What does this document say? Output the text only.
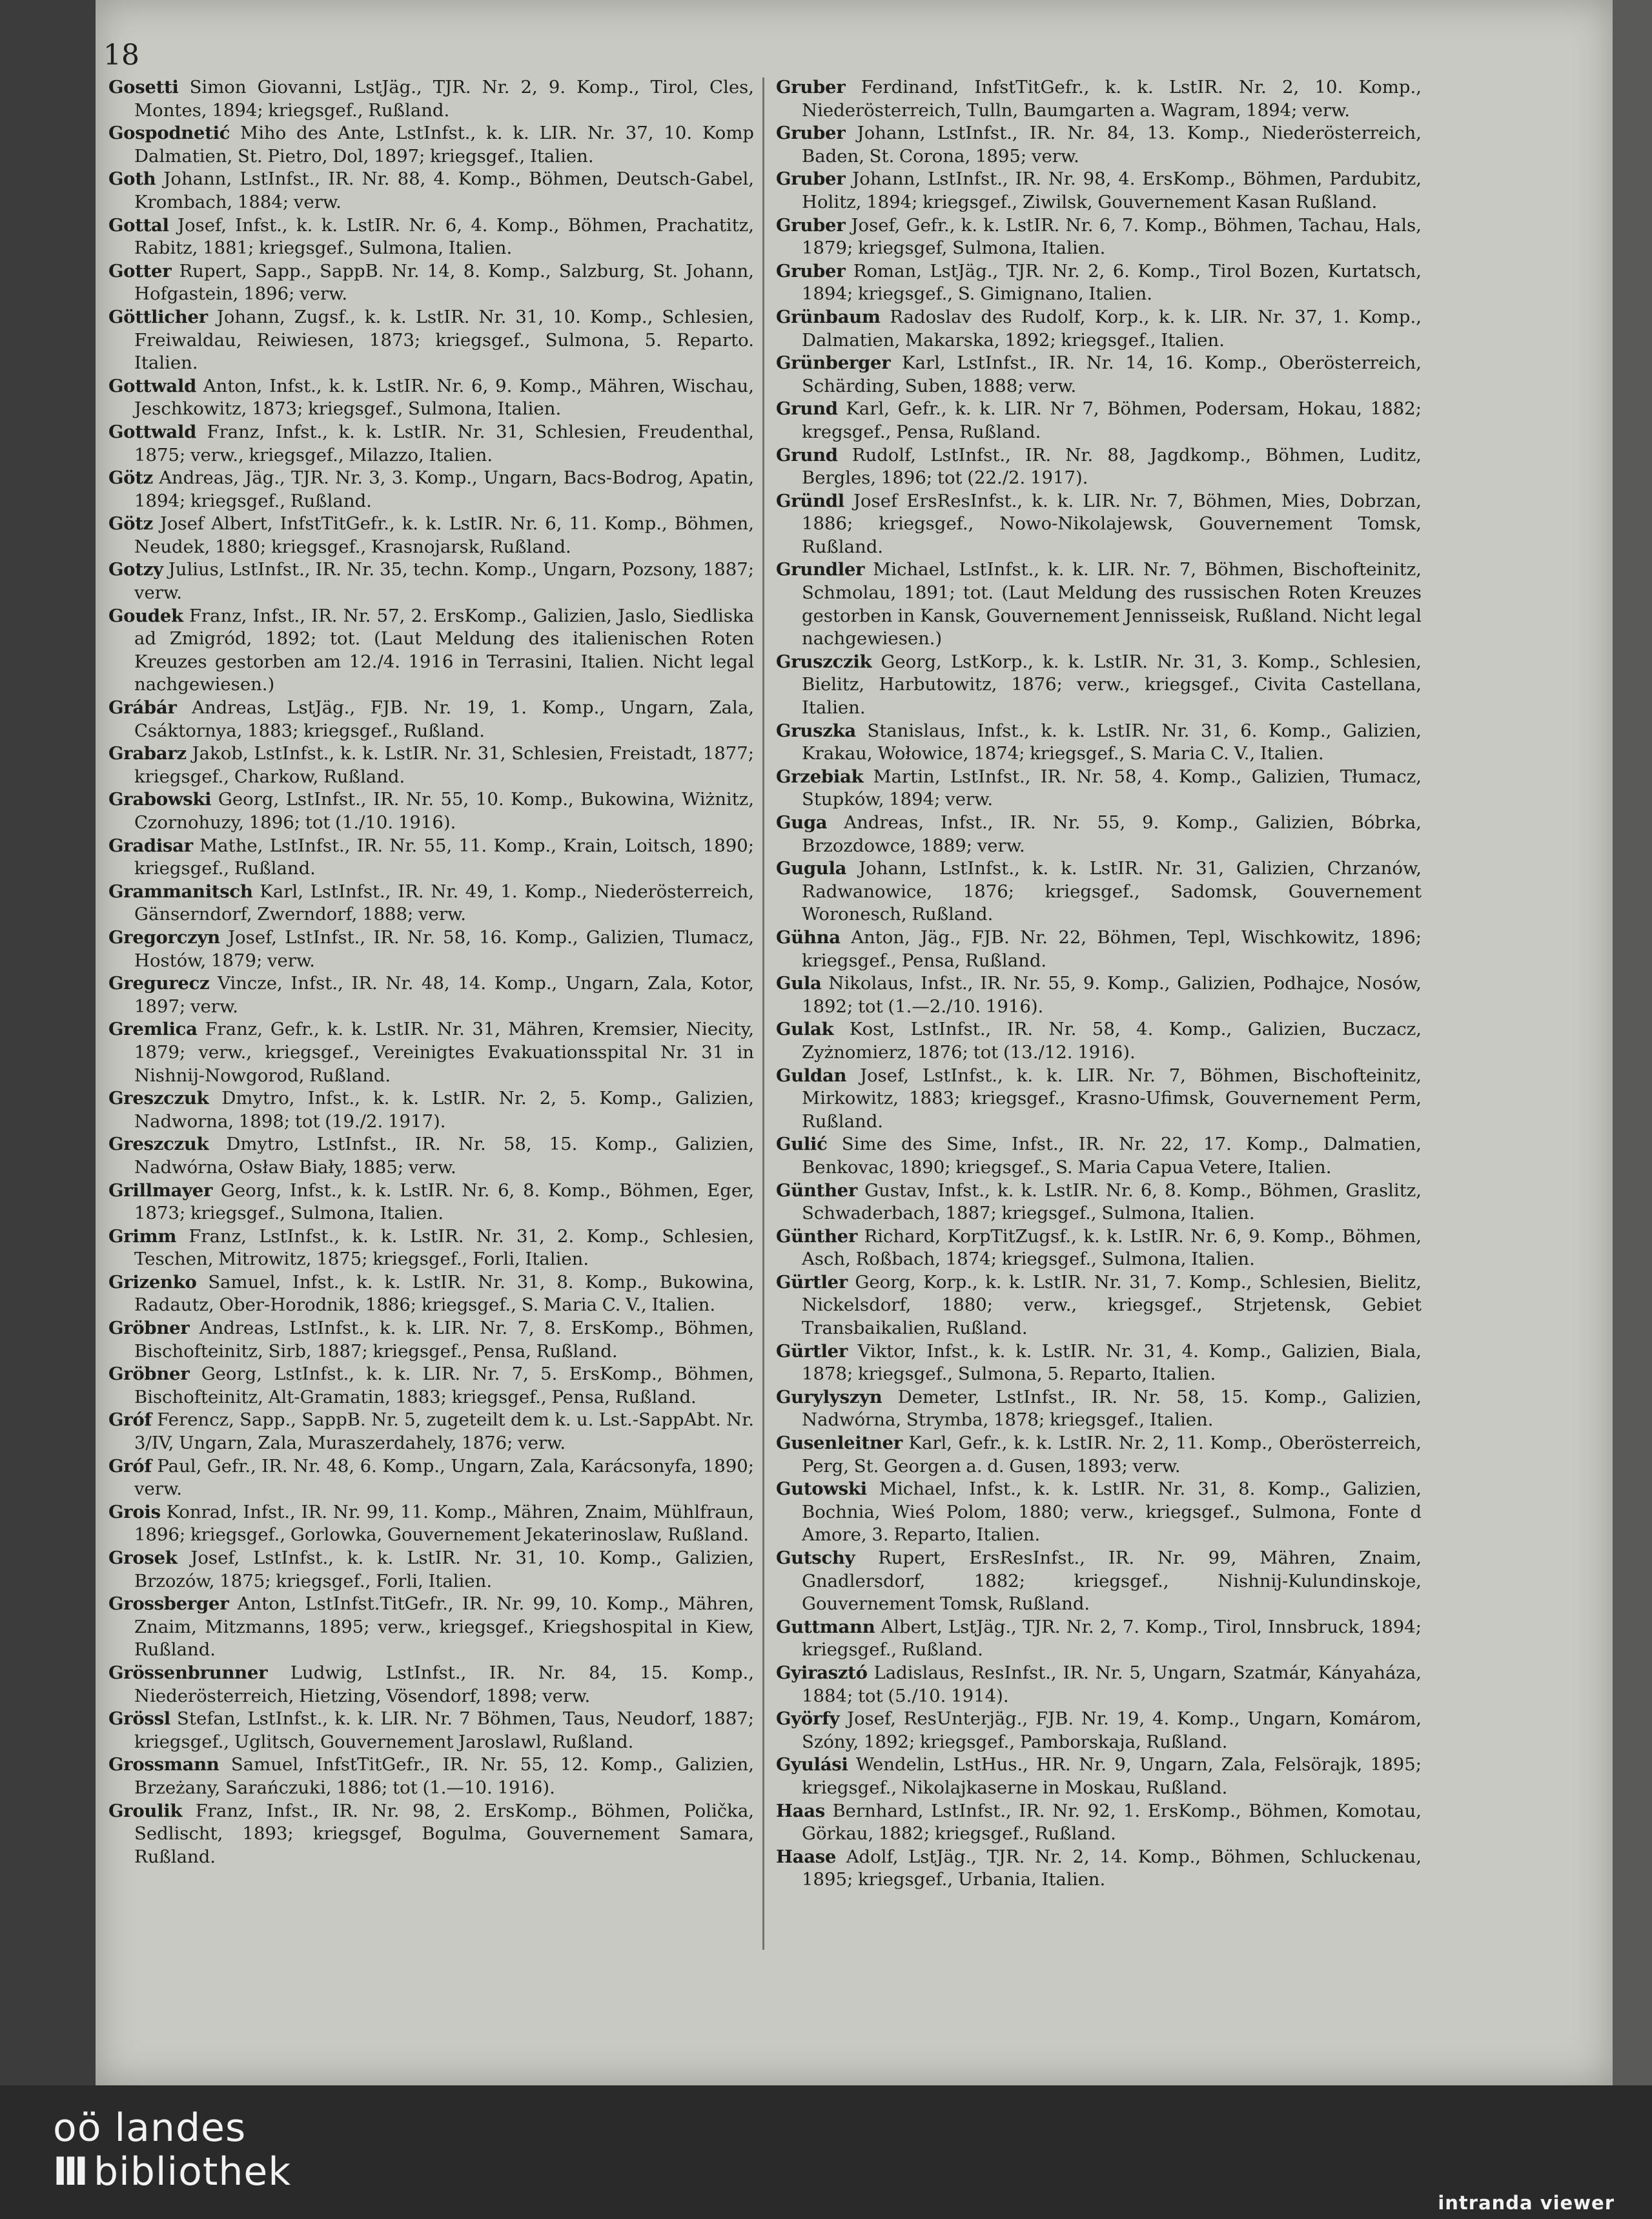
18

Gosetti Simon Giovanni, LstJäg., TJR. Nr. 2, 9. Komp., Tirol, Cles, Montes, 1894; kriegsgef., Rußland.

Gospodnetić Miho des Ante, LstInfst., k. k. LIR. Nr. 37, 10. Komp Dalmatien, St. Pietro, Dol, 1897; kriegsgef., Italien.

Goth Johann, LstInfst., IR. Nr. 88, 4. Komp., Böhmen, Deutsch-Gabel, Krombach, 1884; verw.

Gottal Josef, Infst., k. k. LstIR. Nr. 6, 4. Komp., Böhmen, Prachatitz, Rabitz, 1881; kriegsgef., Sulmona, Italien.

Gotter Rupert, Sapp., SappB. Nr. 14, 8. Komp., Salzburg, St. Johann, Hofgastein, 1896; verw.

Göttlicher Johann, Zugsf., k. k. LstIR. Nr. 31, 10. Komp., Schlesien, Freiwaldau, Reiwiesen, 1873; kriegsgef., Sulmona, 5. Reparto. Italien.

Gottwald Anton, Infst., k. k. LstIR. Nr. 6, 9. Komp., Mähren, Wischau, Jeschkowitz, 1873; kriegsgef., Sulmona, Italien.

Gottwald Franz, Infst., k. k. LstIR. Nr. 31, Schlesien, Freudenthal, 1875; verw., kriegsgef., Milazzo, Italien.

Götz Andreas, Jäg., TJR. Nr. 3, 3. Komp., Ungarn, Bacs-Bodrog, Apatin, 1894; kriegsgef., Rußland.

Götz Josef Albert, InfstTitGefr., k. k. LstIR. Nr. 6, 11. Komp., Böhmen, Neudek, 1880; kriegsgef., Krasnojarsk, Rußland.

Gotzy Julius, LstInfst., IR. Nr. 35, techn. Komp., Ungarn, Pozsony, 1887; verw.

Goudek Franz, Infst., IR. Nr. 57, 2. ErsKomp., Galizien, Jaslo, Siedliska ad Zmigród, 1892; tot. (Laut Meldung des italienischen Roten Kreuzes gestorben am 12./4. 1916 in Terrasini, Italien. Nicht legal nachgewiesen.)

Grábár Andreas, LstJäg., FJB. Nr. 19, 1. Komp., Ungarn, Zala, Csáktornya, 1883; kriegsgef., Rußland.

Grabarz Jakob, LstInfst., k. k. LstIR. Nr. 31, Schlesien, Freistadt, 1877; kriegsgef., Charkow, Rußland.

Grabowski Georg, LstInfst., IR. Nr. 55, 10. Komp., Bukowina, Wiżnitz, Czornohuzy, 1896; tot (1./10. 1916).

Gradisar Mathe, LstInfst., IR. Nr. 55, 11. Komp., Krain, Loitsch, 1890; kriegsgef., Rußland.

Grammanitsch Karl, LstInfst., IR. Nr. 49, 1. Komp., Niederösterreich, Gänserndorf, Zwerndorf, 1888; verw.

Gregorczyn Josef, LstInfst., IR. Nr. 58, 16. Komp., Galizien, Tlumacz, Hostów, 1879; verw.

Gregurecz Vincze, Infst., IR. Nr. 48, 14. Komp., Ungarn, Zala, Kotor, 1897; verw.

Gremlica Franz, Gefr., k. k. LstIR. Nr. 31, Mähren, Kremsier, Niecity, 1879; verw., kriegsgef., Vereinigtes Evakuationsspital Nr. 31 in Nishnij-Nowgorod, Rußland.

Greszczuk Dmytro, Infst., k. k. LstIR. Nr. 2, 5. Komp., Galizien, Nadworna, 1898; tot (19./2. 1917).

Greszczuk Dmytro, LstInfst., IR. Nr. 58, 15. Komp., Galizien, Nadwórna, Osław Biały, 1885; verw.

Grillmayer Georg, Infst., k. k. LstIR. Nr. 6, 8. Komp., Böhmen, Eger, 1873; kriegsgef., Sulmona, Italien.

Grimm Franz, LstInfst., k. k. LstIR. Nr. 31, 2. Komp., Schlesien, Teschen, Mitrowitz, 1875; kriegsgef., Forli, Italien.

Grizenko Samuel, Infst., k. k. LstIR. Nr. 31, 8. Komp., Bukowina, Radautz, Ober-Horodnik, 1886; kriegsgef., S. Maria C. V., Italien.

Gröbner Andreas, LstInfst., k. k. LIR. Nr. 7, 8. ErsKomp., Böhmen, Bischofteinitz, Sirb, 1887; kriegsgef., Pensa, Rußland.

Gröbner Georg, LstInfst., k. k. LIR. Nr. 7, 5. ErsKomp., Böhmen, Bischofteinitz, Alt-Gramatin, 1883; kriegsgef., Pensa, Rußland.

Gróf Ferencz, Sapp., SappB. Nr. 5, zugeteilt dem k. u. Lst.-SappAbt. Nr. 3/IV, Ungarn, Zala, Muraszerdahely, 1876; verw.

Gróf Paul, Gefr., IR. Nr. 48, 6. Komp., Ungarn, Zala, Karácsonyfa, 1890; verw.

Grois Konrad, Infst., IR. Nr. 99, 11. Komp., Mähren, Znaim, Mühlfraun, 1896; kriegsgef., Gorlowka, Gouvernement Jekaterinoslaw, Rußland.

Grosek Josef, LstInfst., k. k. LstIR. Nr. 31, 10. Komp., Galizien, Brzozów, 1875; kriegsgef., Forli, Italien.

Grossberger Anton, LstInfst.TitGefr., IR. Nr. 99, 10. Komp., Mähren, Znaim, Mitzmanns, 1895; verw., kriegsgef., Kriegshospital in Kiew, Rußland.

Grössenbrunner Ludwig, LstInfst., IR. Nr. 84, 15. Komp., Niederösterreich, Hietzing, Vösendorf, 1898; verw.

Grössl Stefan, LstInfst., k. k. LIR. Nr. 7 Böhmen, Taus, Neudorf, 1887; kriegsgef., Uglitsch, Gouvernement Jaroslawl, Rußland.

Grossmann Samuel, InfstTitGefr., IR. Nr. 55, 12. Komp., Galizien, Brzeżany, Sarańczuki, 1886; tot (1.—10. 1916).

Groulik Franz, Infst., IR. Nr. 98, 2. ErsKomp., Böhmen, Polička, Sedlischt, 1893; kriegsgef, Bogulma, Gouvernement Samara, Rußland.

Gruber Ferdinand, InfstTitGefr., k. k. LstIR. Nr. 2, 10. Komp., Niederösterreich, Tulln, Baumgarten a. Wagram, 1894; verw.

Gruber Johann, LstInfst., IR. Nr. 84, 13. Komp., Niederösterreich, Baden, St. Corona, 1895; verw.

Gruber Johann, LstInfst., IR. Nr. 98, 4. ErsKomp., Böhmen, Pardubitz, Holitz, 1894; kriegsgef., Ziwilsk, Gouvernement Kasan Rußland.

Gruber Josef, Gefr., k. k. LstIR. Nr. 6, 7. Komp., Böhmen, Tachau, Hals, 1879; kriegsgef, Sulmona, Italien.

Gruber Roman, LstJäg., TJR. Nr. 2, 6. Komp., Tirol Bozen, Kurtatsch, 1894; kriegsgef., S. Gimignano, Italien.

Grünbaum Radoslav des Rudolf, Korp., k. k. LIR. Nr. 37, 1. Komp., Dalmatien, Makarska, 1892; kriegsgef., Italien.

Grünberger Karl, LstInfst., IR. Nr. 14, 16. Komp., Oberösterreich, Schärding, Suben, 1888; verw.

Grund Karl, Gefr., k. k. LIR. Nr 7, Böhmen, Podersam, Hokau, 1882; kregsgef., Pensa, Rußland.

Grund Rudolf, LstInfst., IR. Nr. 88, Jagdkomp., Böhmen, Luditz, Bergles, 1896; tot (22./2. 1917).

Gründl Josef ErsResInfst., k. k. LIR. Nr. 7, Böhmen, Mies, Dobrzan, 1886; kriegsgef., Nowo-Nikolajewsk, Gouvernement Tomsk, Rußland.

Grundler Michael, LstInfst., k. k. LIR. Nr. 7, Böhmen, Bischofteinitz, Schmolau, 1891; tot. (Laut Meldung des russischen Roten Kreuzes gestorben in Kansk, Gouvernement Jennisseisk, Rußland. Nicht legal nachgewiesen.)

Gruszczik Georg, LstKorp., k. k. LstIR. Nr. 31, 3. Komp., Schlesien, Bielitz, Harbutowitz, 1876; verw., kriegsgef., Civita Castellana, Italien.

Gruszka Stanislaus, Infst., k. k. LstIR. Nr. 31, 6. Komp., Galizien, Krakau, Wołowice, 1874; kriegsgef., S. Maria C. V., Italien.

Grzebiak Martin, LstInfst., IR. Nr. 58, 4. Komp., Galizien, Tłumacz, Stupków, 1894; verw.

Guga Andreas, Infst., IR. Nr. 55, 9. Komp., Galizien, Bóbrka, Brzozdowce, 1889; verw.

Gugula Johann, LstInfst., k. k. LstIR. Nr. 31, Galizien, Chrzanów, Radwanowice, 1876; kriegsgef., Sadomsk, Gouvernement Woronesch, Rußland.

Gühna Anton, Jäg., FJB. Nr. 22, Böhmen, Tepl, Wischkowitz, 1896; kriegsgef., Pensa, Rußland.

Gula Nikolaus, Infst., IR. Nr. 55, 9. Komp., Galizien, Podhajce, Nosów, 1892; tot (1.—2./10. 1916).

Gulak Kost, LstInfst., IR. Nr. 58, 4. Komp., Galizien, Buczacz, Zyżnomierz, 1876; tot (13./12. 1916).

Guldan Josef, LstInfst., k. k. LIR. Nr. 7, Böhmen, Bischofteinitz, Mirkowitz, 1883; kriegsgef., Krasno-Ufimsk, Gouvernement Perm, Rußland.

Gulić Sime des Sime, Infst., IR. Nr. 22, 17. Komp., Dalmatien, Benkovac, 1890; kriegsgef., S. Maria Capua Vetere, Italien.

Günther Gustav, Infst., k. k. LstIR. Nr. 6, 8. Komp., Böhmen, Graslitz, Schwaderbach, 1887; kriegsgef., Sulmona, Italien.

Günther Richard, KorpTitZugsf., k. k. LstIR. Nr. 6, 9. Komp., Böhmen, Asch, Roßbach, 1874; kriegsgef., Sulmona, Italien.

Gürtler Georg, Korp., k. k. LstIR. Nr. 31, 7. Komp., Schlesien, Bielitz, Nickelsdorf, 1880; verw., kriegsgef., Strjetensk, Gebiet Transbaikalien, Rußland.

Gürtler Viktor, Infst., k. k. LstIR. Nr. 31, 4. Komp., Galizien, Biala, 1878; kriegsgef., Sulmona, 5. Reparto, Italien.

Gurylyszyn Demeter, LstInfst., IR. Nr. 58, 15. Komp., Galizien, Nadwórna, Strymba, 1878; kriegsgef., Italien.

Gusenleitner Karl, Gefr., k. k. LstIR. Nr. 2, 11. Komp., Oberösterreich, Perg, St. Georgen a. d. Gusen, 1893; verw.

Gutowski Michael, Infst., k. k. LstIR. Nr. 31, 8. Komp., Galizien, Bochnia, Wieś Polom, 1880; verw., kriegsgef., Sulmona, Fonte d Amore, 3. Reparto, Italien.

Gutschy Rupert, ErsResInfst., IR. Nr. 99, Mähren, Znaim, Gnadlersdorf, 1882; kriegsgef., Nishnij-Kulundinskoje, Gouvernement Tomsk, Rußland.

Guttmann Albert, LstJäg., TJR. Nr. 2, 7. Komp., Tirol, Innsbruck, 1894; kriegsgef., Rußland.

Gyirasztó Ladislaus, ResInfst., IR. Nr. 5, Ungarn, Szatmár, Kányaháza, 1884; tot (5./10. 1914).

Györfy Josef, ResUnterjäg., FJB. Nr. 19, 4. Komp., Ungarn, Komárom, Szóny, 1892; kriegsgef., Pamborskaja, Rußland.

Gyulási Wendelin, LstHus., HR. Nr. 9, Ungarn, Zala, Felsörajk, 1895; kriegsgef., Nikolajkaserne in Moskau, Rußland.

Haas Bernhard, LstInfst., IR. Nr. 92, 1. ErsKomp., Böhmen, Komotau, Görkau, 1882; kriegsgef., Rußland.

Haase Adolf, LstJäg., TJR. Nr. 2, 14. Komp., Böhmen, Schluckenau, 1895; kriegsgef., Urbania, Italien.

oö landes
III bibliothek
intranda viewer
